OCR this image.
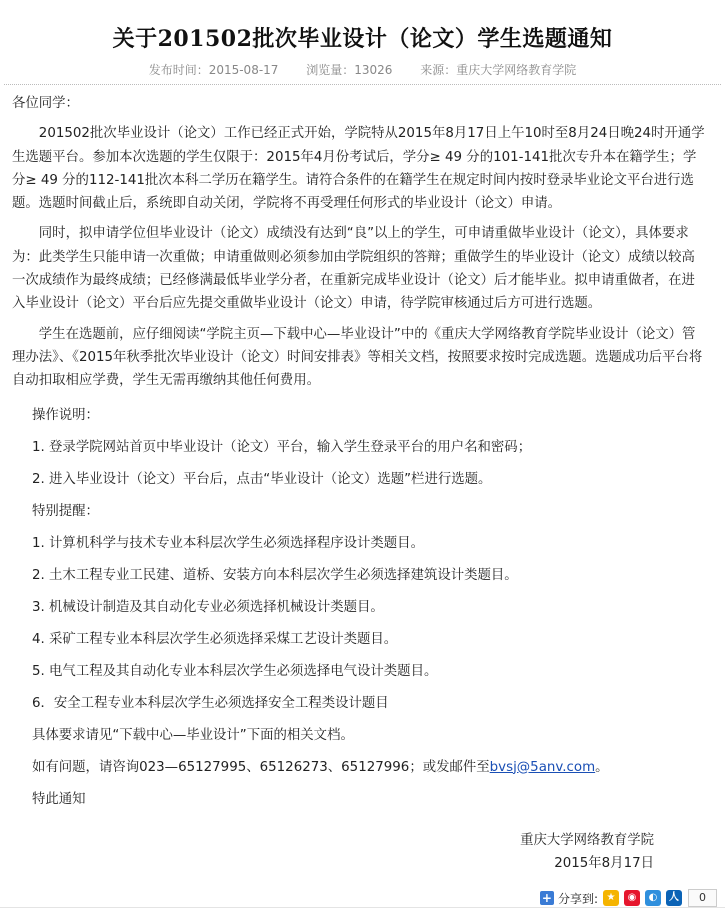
关于201502批次毕业设计（论文）学生选题通知
发布时间：2015-08-17 浏览量：13026 来源：重庆大学网络教育学院

各位同学：

201502批次毕业设计（论文）工作已经正式开始，学院特从2015年8月17日上午10时至8月24日晚24时开通学生选题平台。参加本次选题的学生仅限于：2015年4月份考试后，学分≥ 49 分的101-141批次专升本在籍学生；学分≥ 49 分的112-141批次本科二学历在籍学生。请符合条件的在籍学生在规定时间内按时登录毕业论文平台进行选题。选题时间截止后，系统即自动关闭，学院将不再受理任何形式的毕业设计（论文）申请。

同时，拟申请学位但毕业设计（论文）成绩没有达到“良”以上的学生，可申请重做毕业设计（论文），具体要求为：此类学生只能申请一次重做；申请重做则必须参加由学院组织的答辩；重做学生的毕业设计（论文）成绩以较高一次成绩作为最终成绩；已经修满最低毕业学分者，在重新完成毕业设计（论文）后才能毕业。拟申请重做者，在进入毕业设计（论文）平台后应先提交重做毕业设计（论文）申请，待学院审核通过后方可进行选题。

学生在选题前，应仔细阅读“学院主页—下载中心—毕业设计”中的《重庆大学网络教育学院毕业设计（论文）管理办法》、《2015年秋季批次毕业设计（论文）时间安排表》等相关文档，按照要求按时完成选题。选题成功后平台将自动扣取相应学费，学生无需再缴纳其他任何费用。

操作说明：

1. 登录学院网站首页中毕业设计（论文）平台，输入学生登录平台的用户名和密码；

2. 进入毕业设计（论文）平台后，点击“毕业设计（论文）选题”栏进行选题。

特别提醒：

1. 计算机科学与技术专业本科层次学生必须选择程序设计类题目。

2. 土木工程专业工民建、道桥、安装方向本科层次学生必须选择建筑设计类题目。

3. 机械设计制造及其自动化专业必须选择机械设计类题目。

4. 采矿工程专业本科层次学生必须选择采煤工艺设计类题目。

5. 电气工程及其自动化专业本科层次学生必须选择电气设计类题目。

6．安全工程专业本科层次学生必须选择安全工程类设计题目

具体要求请见“下载中心—毕业设计”下面的相关文档。

如有问题，请咨询023—65127995、65126273、65127996；或发邮件至bvsj@5anv.com。

特此通知

重庆大学网络教育学院
2015年8月17日
+ 分享到: ★	◉	◐	人	0
